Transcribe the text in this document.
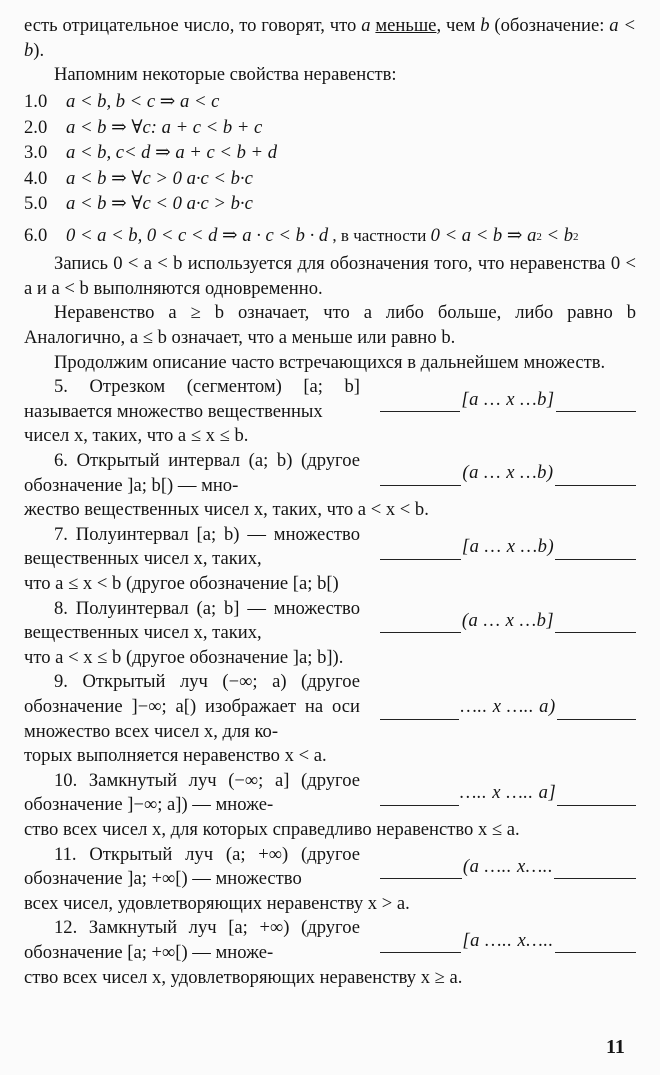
есть отрицательное число, то говорят, что a меньше, чем b (обозначение: a < b).

Напомним некоторые свойства неравенств:

1.0	a < b, b < c ⇒ a < c
2.0	a < b ⇒ ∀c: a + c < b + c
3.0	a < b, c< d ⇒ a + c < b + d
4.0	a < b ⇒ ∀c > 0 a·c < b·c
5.0	a < b ⇒ ∀c < 0 a·c > b·c
6.0	0 < a < b, 0 < c < d ⇒ a · c < b · d , в частности 0 < a < b ⇒ a 2 < b 2

Запись 0 < a < b используется для обозначения того, что неравенства 0 < a и a < b выполняются одновременно.

Неравенство a ≥ b означает, что a либо больше, либо равно b Аналогично, a ≤ b означает, что a меньше или равно b.

Продолжим описание часто встречающихся в дальнейшем множеств.

5. Отрезком (сегментом) [a; b] называется множество вещественных
[a … x …b]
чисел x, таких, что a ≤ x ≤ b.
6. Открытый интервал (a; b) (другое обозначение ]a; b[) — мно-
(a … x …b)
жество вещественных чисел x, таких, что a < x < b.
7. Полуинтервал [a; b) — множество вещественных чисел x, таких,
[a … x …b)
что a ≤ x < b (другое обозначение [a; b[)
8. Полуинтервал (a; b] — множество вещественных чисел x, таких,
(a … x …b]
что a < x ≤ b (другое обозначение ]a; b]).
9. Открытый луч (−∞; a) (другое обозначение ]−∞; a[) изображает на оси множество всех чисел x, для ко-
….. x ….. a)
торых выполняется неравенство x < a.
10. Замкнутый луч (−∞; a] (другое обозначение ]−∞; a]) — множе-
….. x ….. a]
ство всех чисел x, для которых справедливо неравенство x ≤ a.
11. Открытый луч (a; +∞) (другое обозначение ]a; +∞[) — множество
(a ….. x…..
всех чисел, удовлетворяющих неравенству x > a.
12. Замкнутый луч [a; +∞) (другое обозначение [a; +∞[) — множе-
[a ….. x…..
ство всех чисел x, удовлетворяющих неравенству x ≥ a.
11
